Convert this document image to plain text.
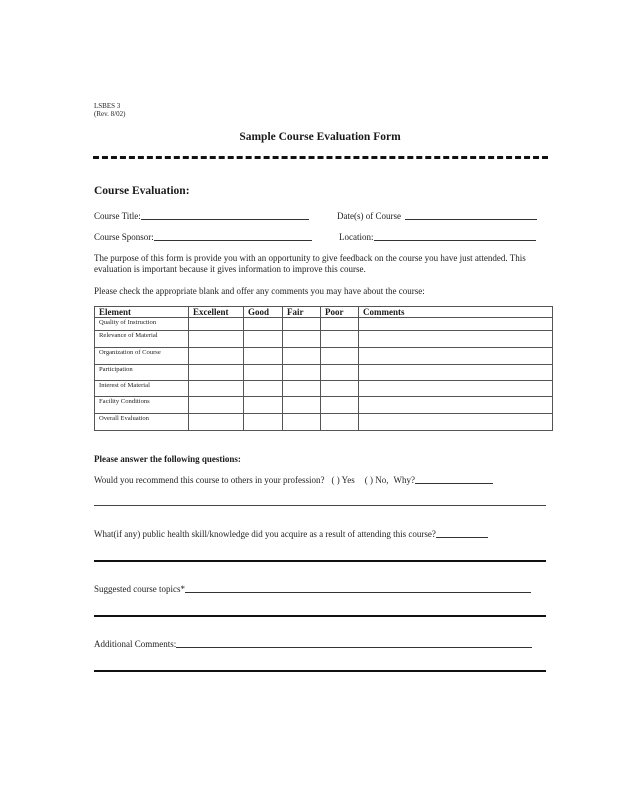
LSBES 3
(Rev. 8/02)
Sample Course Evaluation Form
Course Evaluation:
Course Title:	Date(s) of Course
Course Sponsor:	Location:
The purpose of this form is provide you with an opportunity to give feedback on the course you have just attended. This evaluation is important because it gives information to improve this course.
Please check the appropriate blank and offer any comments you may have about the course:
Element	Excellent	Good	Fair	Poor	Comments
Quality of Instruction					
Relevance of Material					
Organization of Course					
Participation					
Interest of Material					
Facility Conditions					
Overall Evaluation					
Please answer the following questions:
Would you recommend this course to others in your profession? ( ) Yes ( ) No, Why?
What(if any) public health skill/knowledge did you acquire as a result of attending this course?
Suggested course topics*
Additional Comments:
